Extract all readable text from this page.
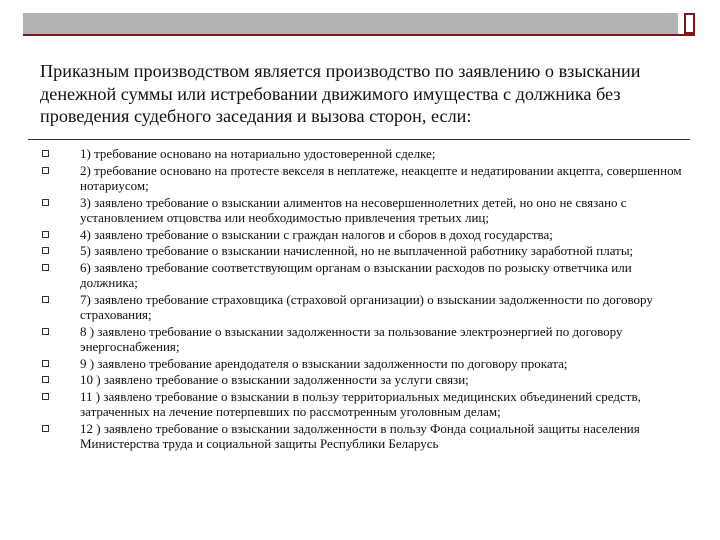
Приказным производством является производство по заявлению о взыскании денежной суммы или истребовании движимого имущества с должника без проведения судебного заседания и вызова сторон, если:
1) требование основано на нотариально удостоверенной сделке;
2) требование основано на протесте векселя в неплатеже, неакцепте и недатировании акцепта, совершенном нотариусом;
3) заявлено требование о взыскании алиментов на несовершеннолетних детей, но оно не связано с установлением отцовства или необходимостью привлечения третьих лиц;
4) заявлено требование о взыскании с граждан налогов и сборов в доход государства;
5) заявлено требование о взыскании начисленной, но не выплаченной работнику заработной платы;
6) заявлено требование соответствующим органам о взыскании расходов по розыску ответчика или должника;
7) заявлено требование страховщика (страховой организации) о взыскании задолженности по договору страхования;
8 ) заявлено требование о взыскании задолженности за пользование электроэнергией по договору энергоснабжения;
9 ) заявлено требование арендодателя о взыскании задолженности по договору проката;
10 ) заявлено требование о взыскании задолженности за услуги связи;
11 ) заявлено требование о взыскании в пользу территориальных медицинских объединений средств, затраченных на лечение потерпевших по рассмотренным уголовным делам;
12 ) заявлено требование о взыскании задолженности в пользу Фонда социальной защиты населения Министерства труда и социальной защиты Республики Беларусь
